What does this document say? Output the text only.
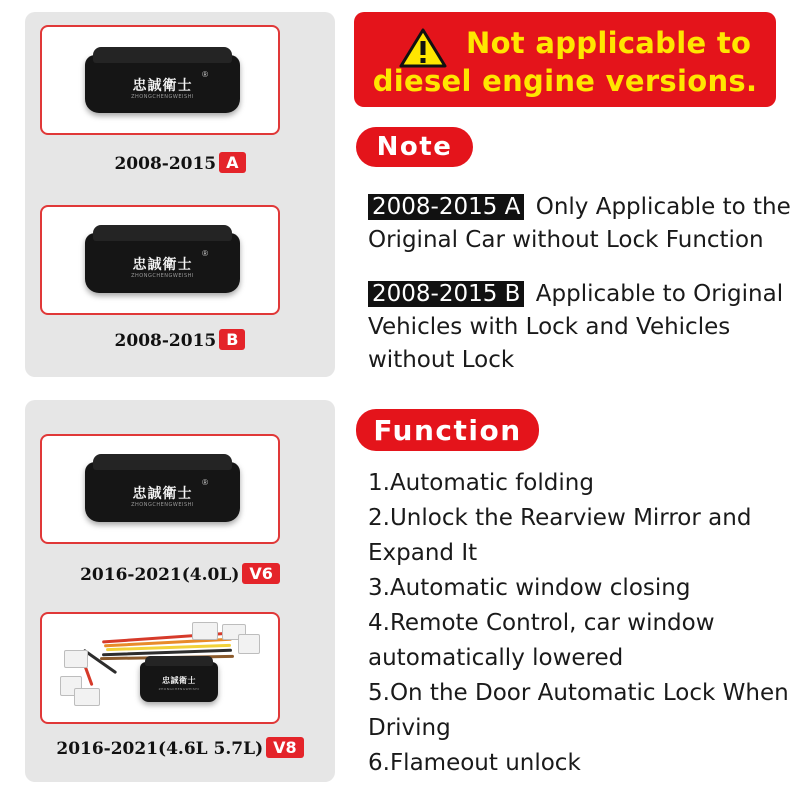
忠誠衛士
ZHONGCHENGWEISHI
®
2008-2015 A
忠誠衛士
ZHONGCHENGWEISHI
®
2008-2015 B
忠誠衛士
ZHONGCHENGWEISHI
®
2016-2021(4.0L) V6
忠誠衛士
ZHONGCHENGWEISHI
2016-2021(4.6L 5.7L) V8
Not applicable to
diesel engine versions.
Note
2008-2015 A Only Applicable to the Original Car without Lock Function
2008-2015 B Applicable to Original Vehicles with Lock and Vehicles without Lock
Function
1.Automatic folding
2.Unlock the Rearview Mirror and Expand It
3.Automatic window closing
4.Remote Control, car window automatically lowered
5.On the Door Automatic Lock When Driving
6.Flameout unlock
